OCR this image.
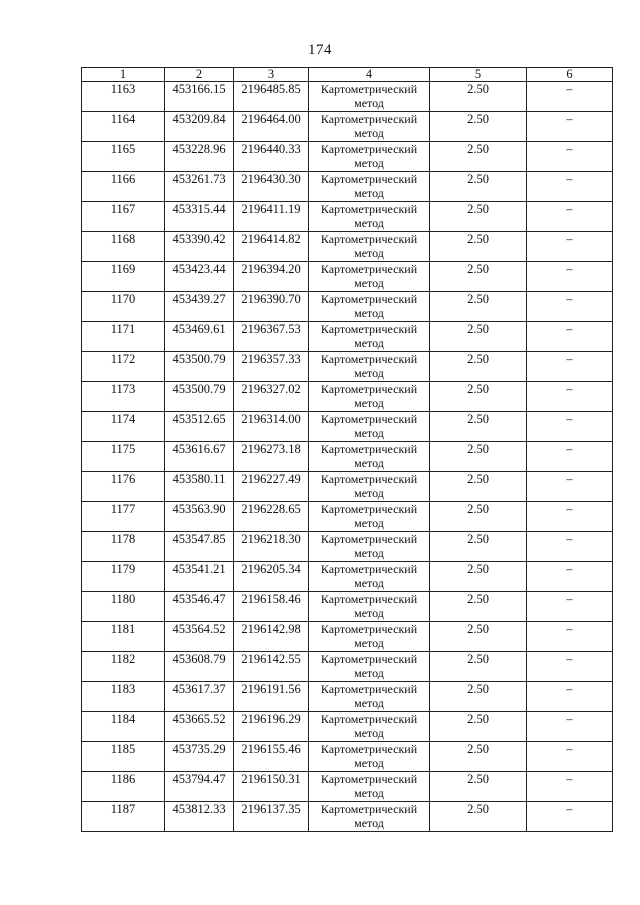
174
1	2	3	4	5	6
1163	453166.15	2196485.85	Картометрический метод	2.50	–
1164	453209.84	2196464.00	Картометрический метод	2.50	–
1165	453228.96	2196440.33	Картометрический метод	2.50	–
1166	453261.73	2196430.30	Картометрический метод	2.50	–
1167	453315.44	2196411.19	Картометрический метод	2.50	–
1168	453390.42	2196414.82	Картометрический метод	2.50	–
1169	453423.44	2196394.20	Картометрический метод	2.50	–
1170	453439.27	2196390.70	Картометрический метод	2.50	–
1171	453469.61	2196367.53	Картометрический метод	2.50	–
1172	453500.79	2196357.33	Картометрический метод	2.50	–
1173	453500.79	2196327.02	Картометрический метод	2.50	–
1174	453512.65	2196314.00	Картометрический метод	2.50	–
1175	453616.67	2196273.18	Картометрический метод	2.50	–
1176	453580.11	2196227.49	Картометрический метод	2.50	–
1177	453563.90	2196228.65	Картометрический метод	2.50	–
1178	453547.85	2196218.30	Картометрический метод	2.50	–
1179	453541.21	2196205.34	Картометрический метод	2.50	–
1180	453546.47	2196158.46	Картометрический метод	2.50	–
1181	453564.52	2196142.98	Картометрический метод	2.50	–
1182	453608.79	2196142.55	Картометрический метод	2.50	–
1183	453617.37	2196191.56	Картометрический метод	2.50	–
1184	453665.52	2196196.29	Картометрический метод	2.50	–
1185	453735.29	2196155.46	Картометрический метод	2.50	–
1186	453794.47	2196150.31	Картометрический метод	2.50	–
1187	453812.33	2196137.35	Картометрический метод	2.50	–
